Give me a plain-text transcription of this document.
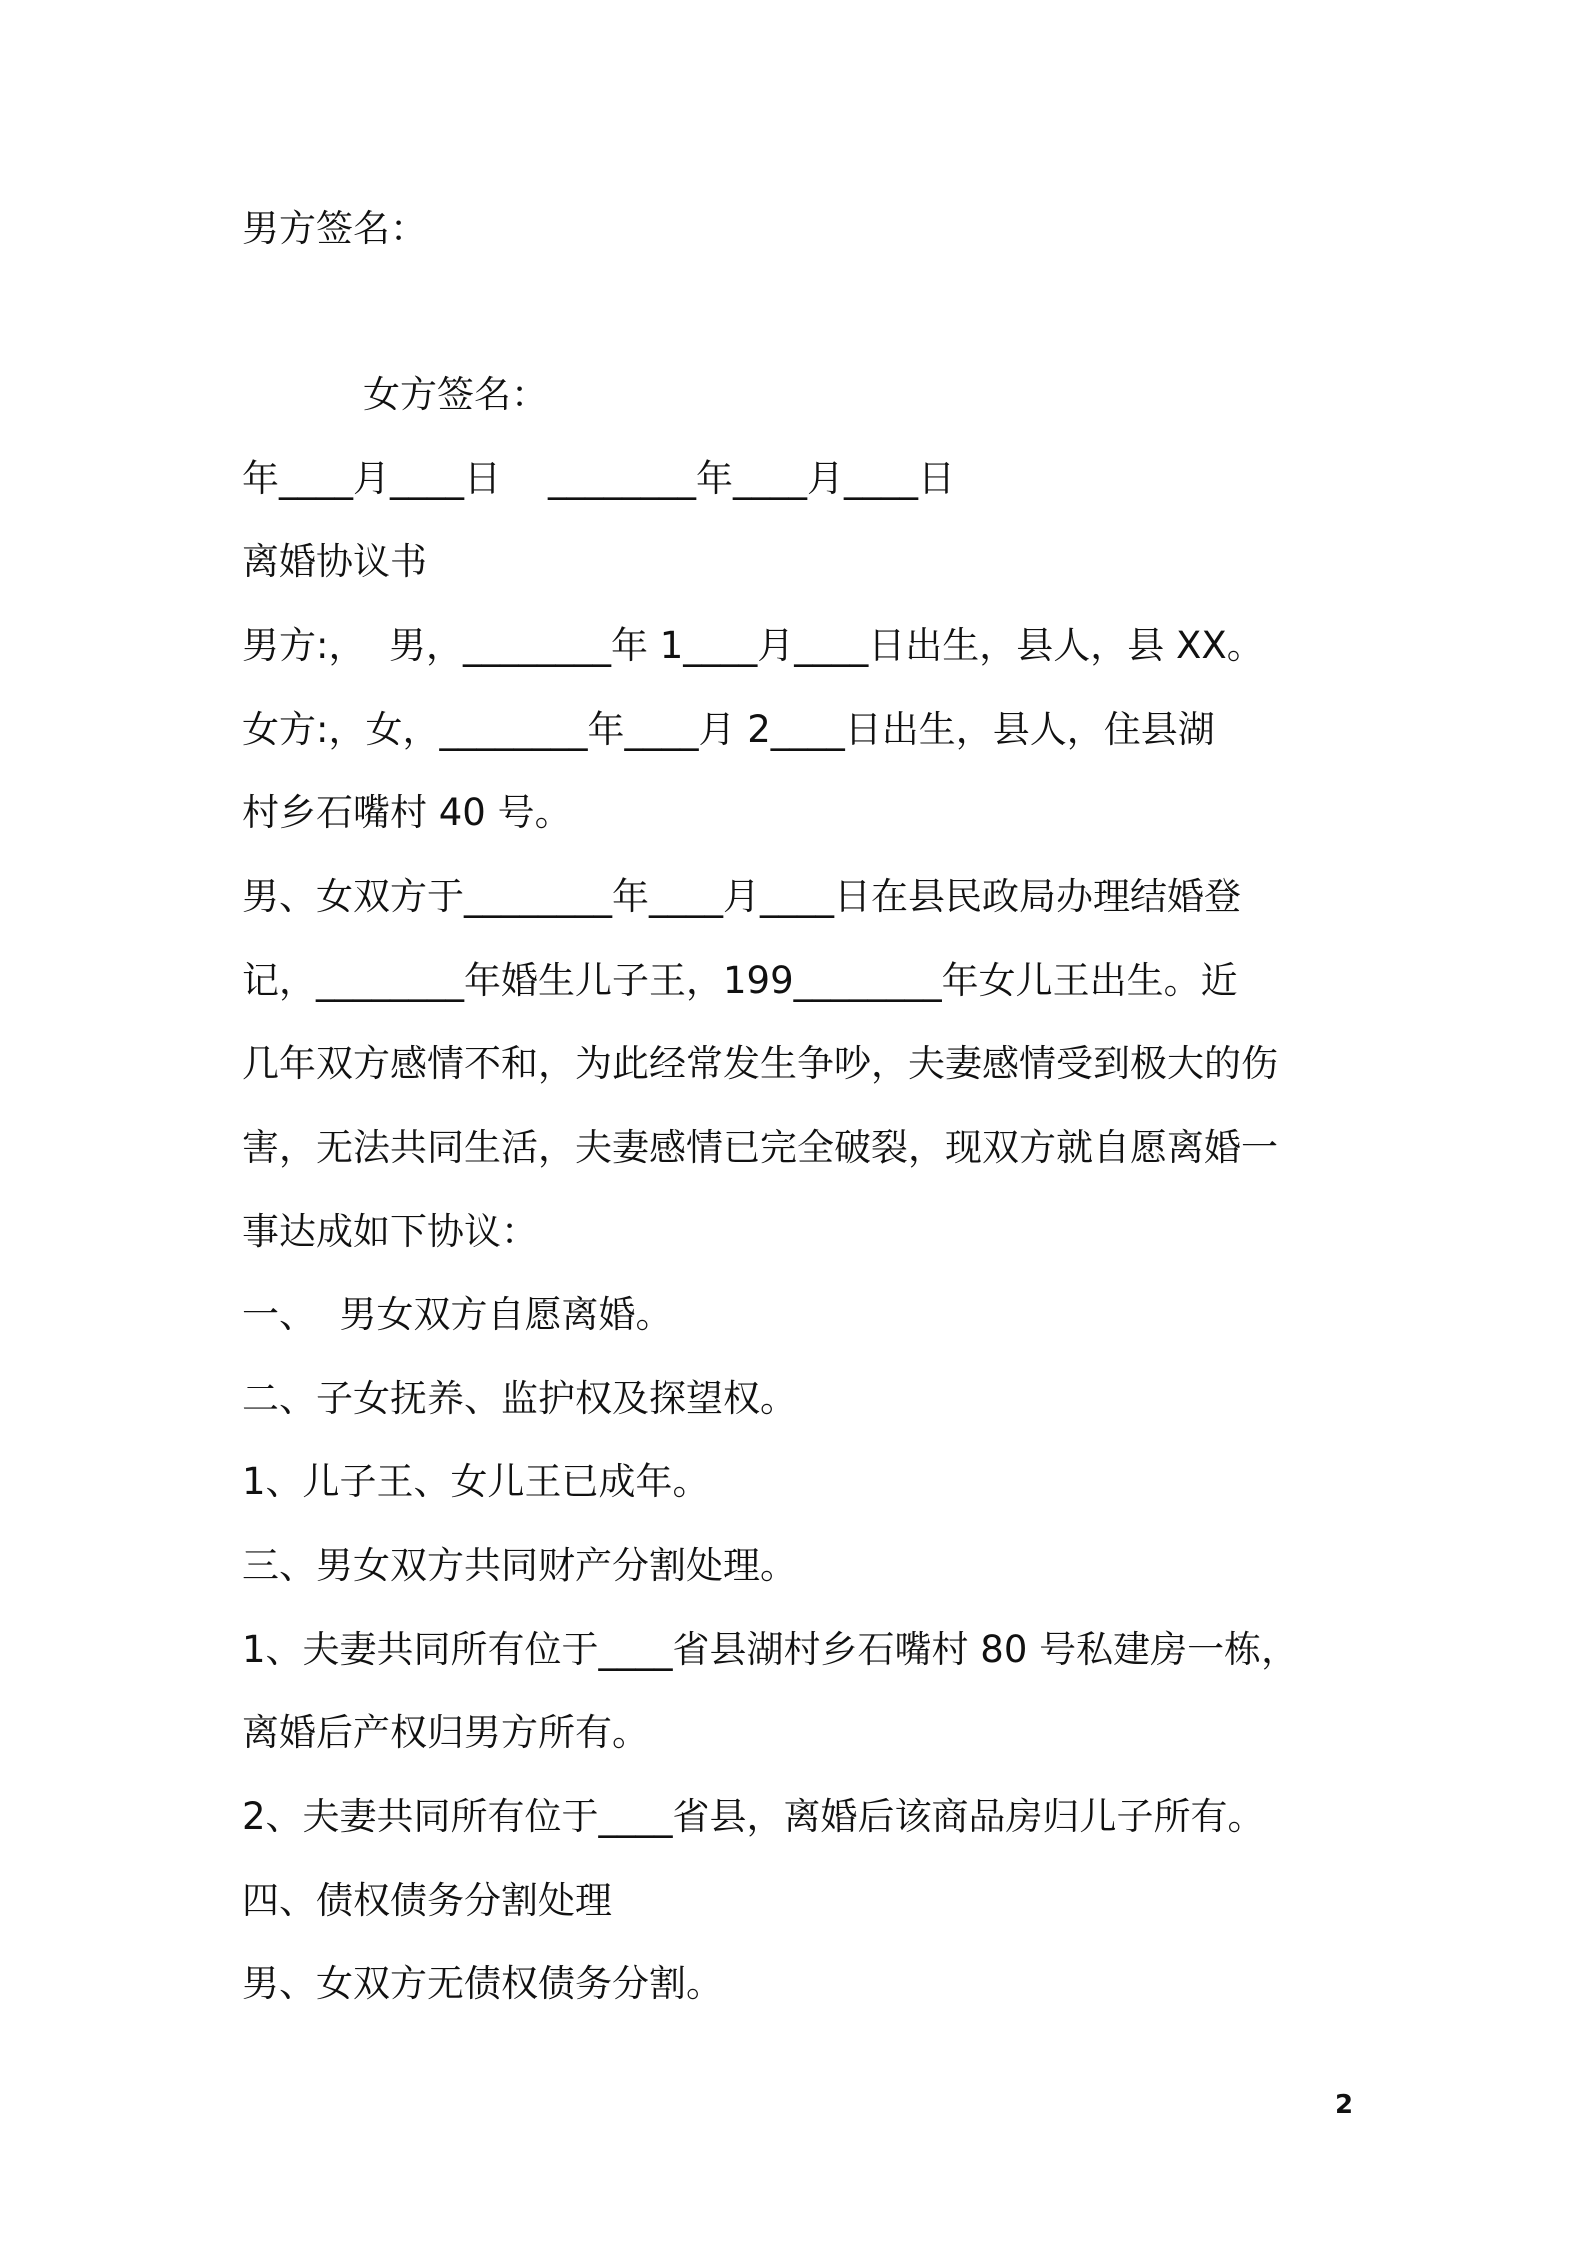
男方签名：
女方签名：
年____月____日    ________年____月____日
离婚协议书
男方:，  男，________年 1____月____日出生，县人，县 XX。
女方:，女，________年____月 2____日出生，县人，住县湖
村乡石嘴村 40 号。
男、女双方于________年____月____日在县民政局办理结婚登
记，________年婚生儿子王，199________年女儿王出生。近
几年双方感情不和，为此经常发生争吵，夫妻感情受到极大的伤
害，无法共同生活，夫妻感情已完全破裂，现双方就自愿离婚一
事达成如下协议：
一、  男女双方自愿离婚。
二、子女抚养、监护权及探望权。
1、儿子王、女儿王已成年。
三、男女双方共同财产分割处理。
1、夫妻共同所有位于____省县湖村乡石嘴村 80 号私建房一栋，
离婚后产权归男方所有。
2、夫妻共同所有位于____省县，离婚后该商品房归儿子所有。
四、债权债务分割处理
男、女双方无债权债务分割。
2
